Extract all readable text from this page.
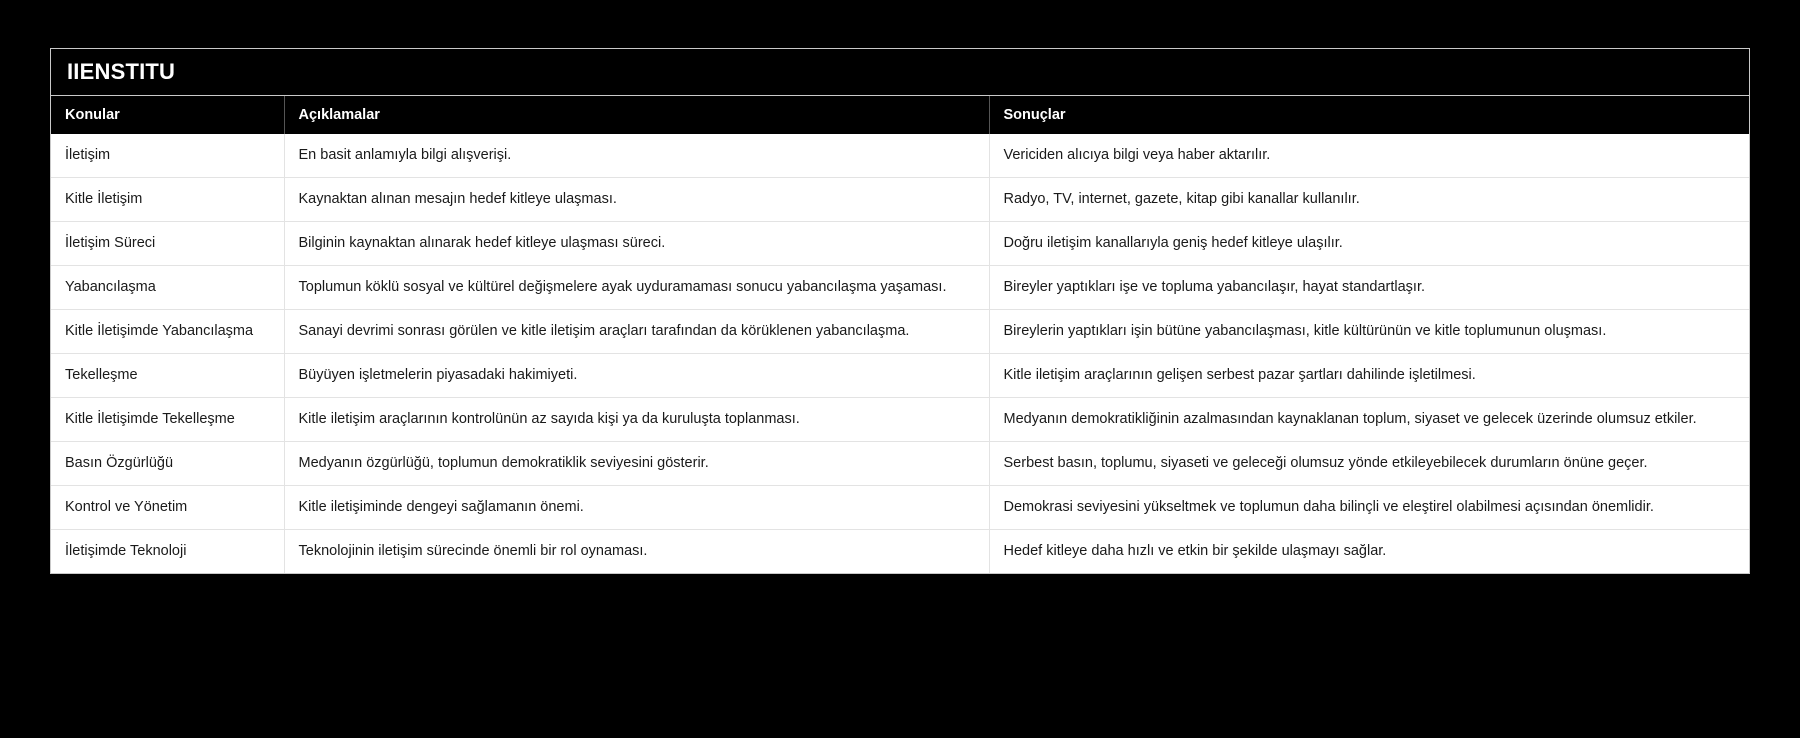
IIENSTITU
Konular	Açıklamalar	Sonuçlar
İletişim	En basit anlamıyla bilgi alışverişi.	Vericiden alıcıya bilgi veya haber aktarılır.
Kitle İletişim	Kaynaktan alınan mesajın hedef kitleye ulaşması.	Radyo, TV, internet, gazete, kitap gibi kanallar kullanılır.
İletişim Süreci	Bilginin kaynaktan alınarak hedef kitleye ulaşması süreci.	Doğru iletişim kanallarıyla geniş hedef kitleye ulaşılır.
Yabancılaşma	Toplumun köklü sosyal ve kültürel değişmelere ayak uyduramaması sonucu yabancılaşma yaşaması.	Bireyler yaptıkları işe ve topluma yabancılaşır, hayat standartlaşır.
Kitle İletişimde Yabancılaşma	Sanayi devrimi sonrası görülen ve kitle iletişim araçları tarafından da körüklenen yabancılaşma.	Bireylerin yaptıkları işin bütüne yabancılaşması, kitle kültürünün ve kitle toplumunun oluşması.
Tekelleşme	Büyüyen işletmelerin piyasadaki hakimiyeti.	Kitle iletişim araçlarının gelişen serbest pazar şartları dahilinde işletilmesi.
Kitle İletişimde Tekelleşme	Kitle iletişim araçlarının kontrolünün az sayıda kişi ya da kuruluşta toplanması.	Medyanın demokratikliğinin azalmasından kaynaklanan toplum, siyaset ve gelecek üzerinde olumsuz etkiler.
Basın Özgürlüğü	Medyanın özgürlüğü, toplumun demokratiklik seviyesini gösterir.	Serbest basın, toplumu, siyaseti ve geleceği olumsuz yönde etkileyebilecek durumların önüne geçer.
Kontrol ve Yönetim	Kitle iletişiminde dengeyi sağlamanın önemi.	Demokrasi seviyesini yükseltmek ve toplumun daha bilinçli ve eleştirel olabilmesi açısından önemlidir.
İletişimde Teknoloji	Teknolojinin iletişim sürecinde önemli bir rol oynaması.	Hedef kitleye daha hızlı ve etkin bir şekilde ulaşmayı sağlar.
